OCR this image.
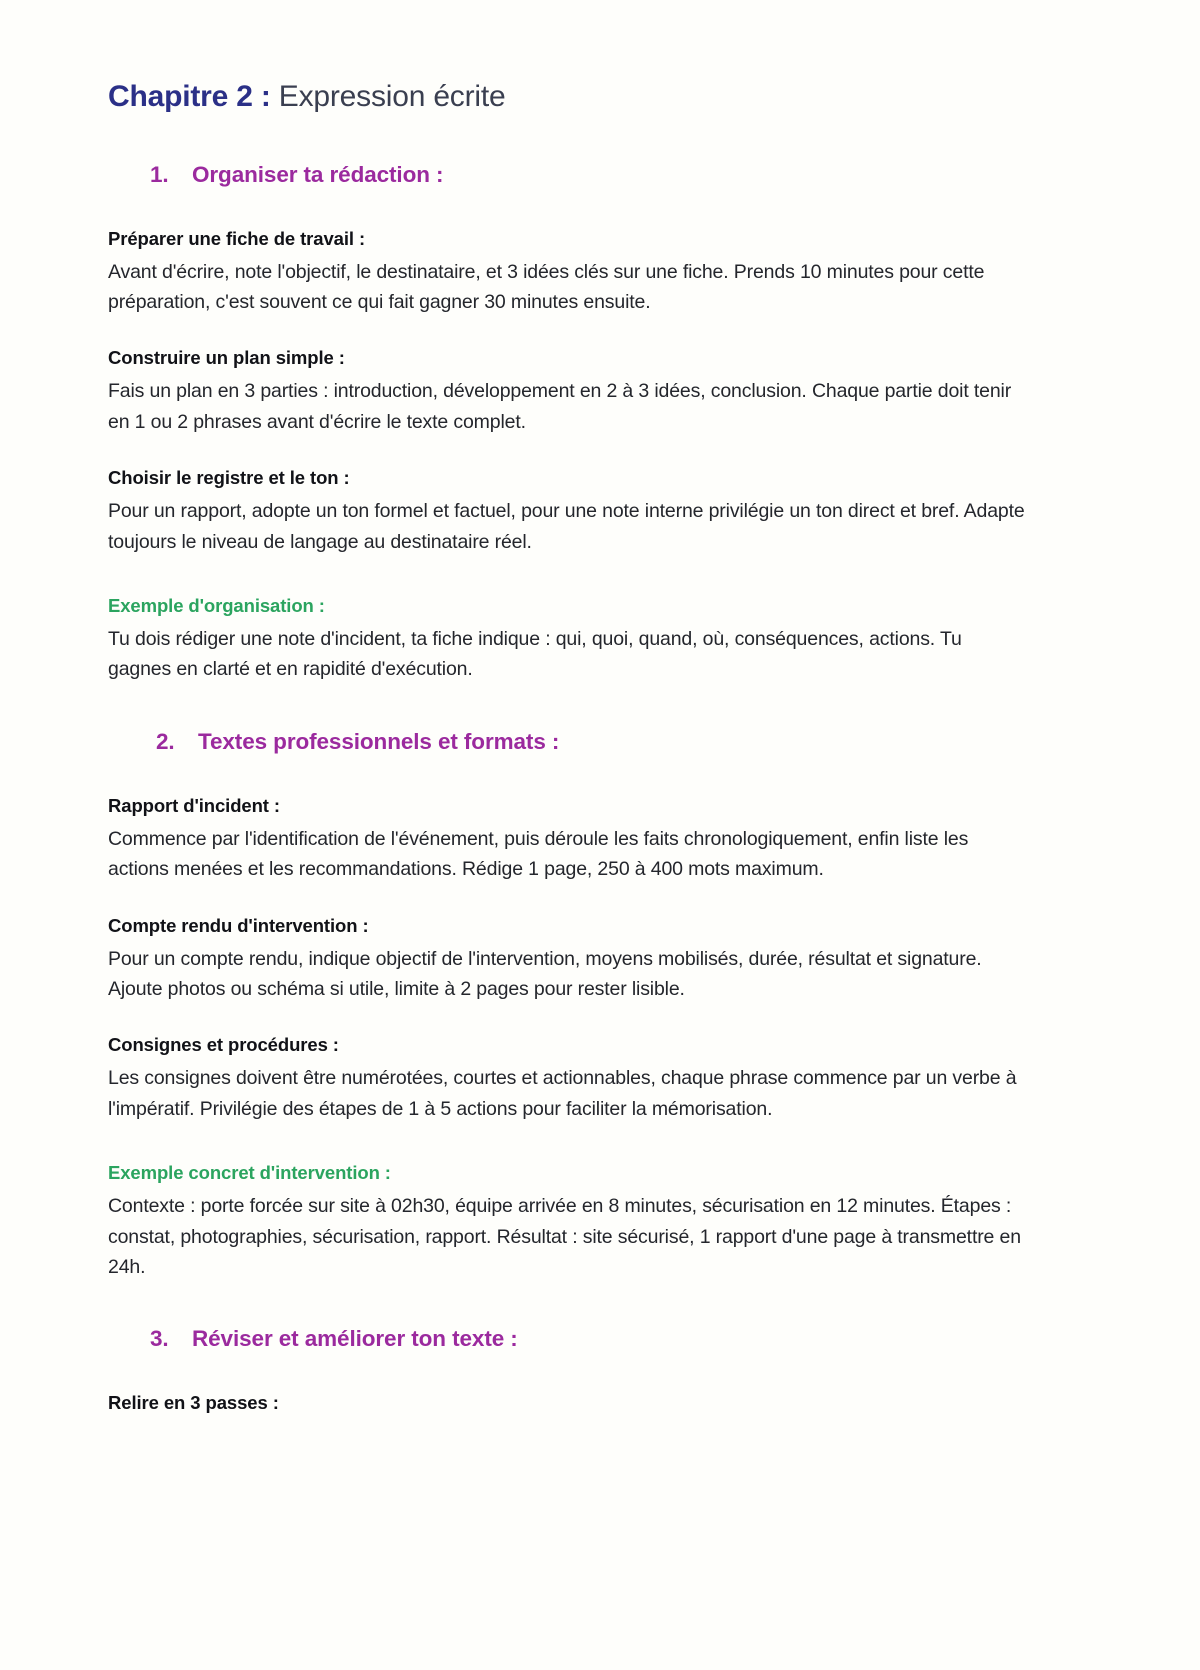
Chapitre 2 : Expression écrite
1.	Organiser ta rédaction :
Préparer une fiche de travail :

Avant d'écrire, note l'objectif, le destinataire, et 3 idées clés sur une fiche. Prends 10 minutes pour cette préparation, c'est souvent ce qui fait gagner 30 minutes ensuite.

Construire un plan simple :

Fais un plan en 3 parties : introduction, développement en 2 à 3 idées, conclusion. Chaque partie doit tenir en 1 ou 2 phrases avant d'écrire le texte complet.

Choisir le registre et le ton :

Pour un rapport, adopte un ton formel et factuel, pour une note interne privilégie un ton direct et bref. Adapte toujours le niveau de langage au destinataire réel.

Exemple d'organisation :

Tu dois rédiger une note d'incident, ta fiche indique : qui, quoi, quand, où, conséquences, actions. Tu gagnes en clarté et en rapidité d'exécution.

2.	Textes professionnels et formats :
Rapport d'incident :

Commence par l'identification de l'événement, puis déroule les faits chronologiquement, enfin liste les actions menées et les recommandations. Rédige 1 page, 250 à 400 mots maximum.

Compte rendu d'intervention :

Pour un compte rendu, indique objectif de l'intervention, moyens mobilisés, durée, résultat et signature. Ajoute photos ou schéma si utile, limite à 2 pages pour rester lisible.

Consignes et procédures :

Les consignes doivent être numérotées, courtes et actionnables, chaque phrase commence par un verbe à l'impératif. Privilégie des étapes de 1 à 5 actions pour faciliter la mémorisation.

Exemple concret d'intervention :

Contexte : porte forcée sur site à 02h30, équipe arrivée en 8 minutes, sécurisation en 12 minutes. Étapes : constat, photographies, sécurisation, rapport. Résultat : site sécurisé, 1 rapport d'une page à transmettre en 24h.

3.	Réviser et améliorer ton texte :
Relire en 3 passes :
